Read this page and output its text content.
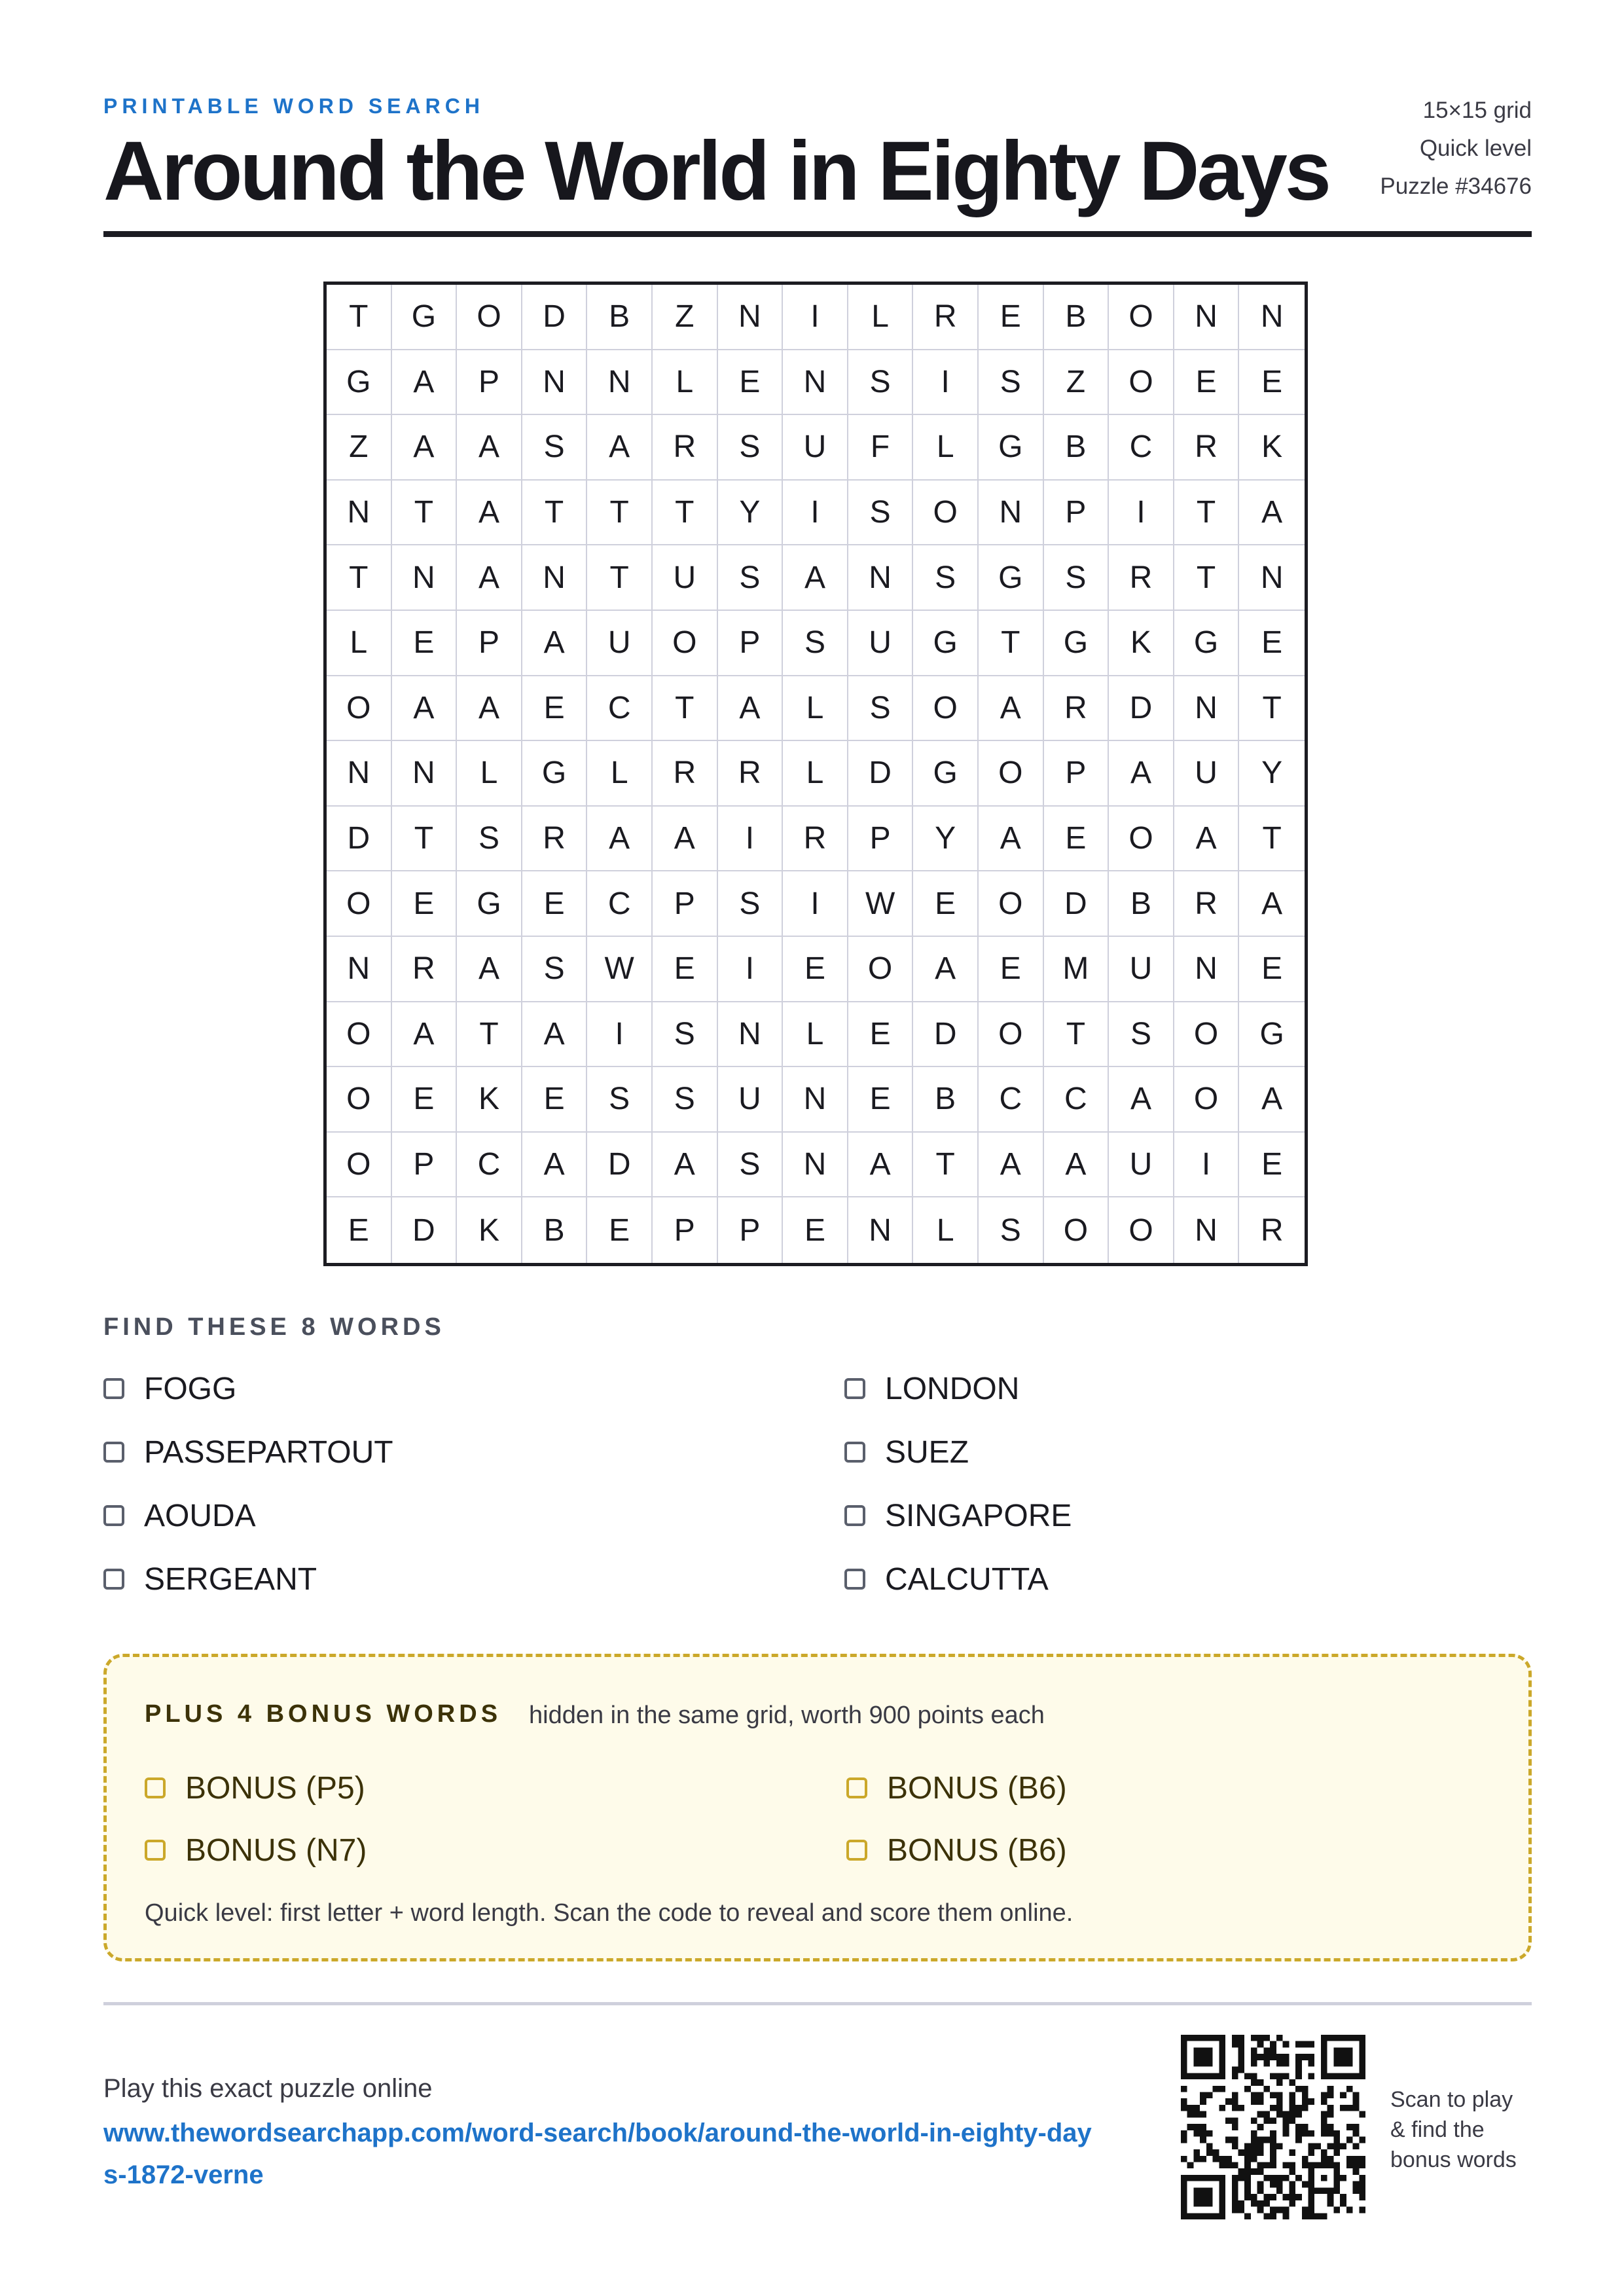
PRINTABLE WORD SEARCH
Around the World in Eighty Days
15×15 grid
Quick level
Puzzle #34676
T	G	O	D	B	Z	N	I	L	R	E	B	O	N	N
G	A	P	N	N	L	E	N	S	I	S	Z	O	E	E
Z	A	A	S	A	R	S	U	F	L	G	B	C	R	K
N	T	A	T	T	T	Y	I	S	O	N	P	I	T	A
T	N	A	N	T	U	S	A	N	S	G	S	R	T	N
L	E	P	A	U	O	P	S	U	G	T	G	K	G	E
O	A	A	E	C	T	A	L	S	O	A	R	D	N	T
N	N	L	G	L	R	R	L	D	G	O	P	A	U	Y
D	T	S	R	A	A	I	R	P	Y	A	E	O	A	T
O	E	G	E	C	P	S	I	W	E	O	D	B	R	A
N	R	A	S	W	E	I	E	O	A	E	M	U	N	E
O	A	T	A	I	S	N	L	E	D	O	T	S	O	G
O	E	K	E	S	S	U	N	E	B	C	C	A	O	A
O	P	C	A	D	A	S	N	A	T	A	A	U	I	E
E	D	K	B	E	P	P	E	N	L	S	O	O	N	R
FIND THESE 8 WORDS
FOGG	LONDON
PASSEPARTOUT	SUEZ
AOUDA	SINGAPORE
SERGEANT	CALCUTTA
PLUS 4 BONUS WORDS hidden in the same grid, worth 900 points each
BONUS (P5)	BONUS (B6)
BONUS (N7)	BONUS (B6)
Quick level: first letter + word length. Scan the code to reveal and score them online.
Play this exact puzzle online
www.thewordsearchapp.com/word-search/book/around-the-world-in-eighty-days-1872-verne
Scan to play
& find the
bonus words
